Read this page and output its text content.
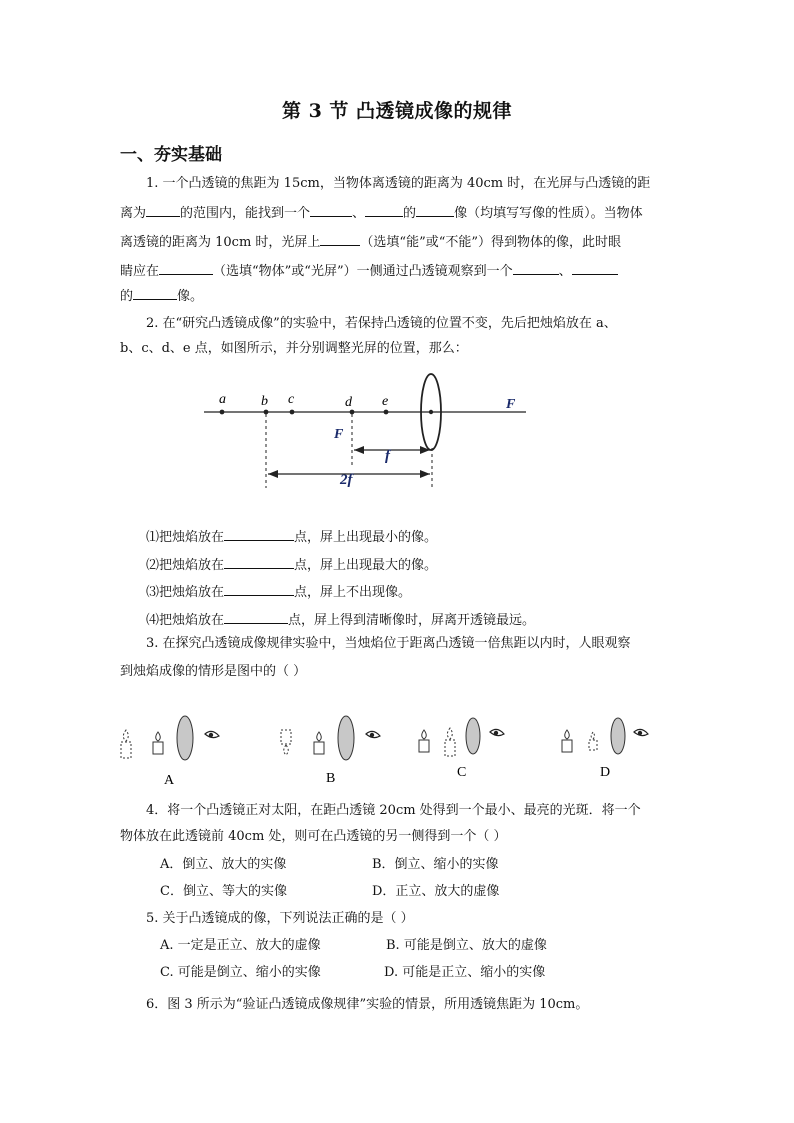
第 3 节 凸透镜成像的规律
一、夯实基础
1. 一个凸透镜的焦距为 15cm，当物体离透镜的距离为 40cm 时，在光屏与凸透镜的距
离为	的范围内，能找到一个	、	的	像（均填写写像的性质）。当物体
离透镜的距离为 10cm 时，光屏上	（选填“能”或“不能”）得到物体的像，此时眼
睛应在	（选填“物体”或“光屏”）一侧通过凸透镜观察到一个	、
的	像。
2. 在“研究凸透镜成像”的实验中，若保持凸透镜的位置不变，先后把烛焰放在 a、
b、c、d、e 点，如图所示，并分别调整光屏的位置，那么：
a	b c	d e	F
F
f
2f
⑴把烛焰放在	点，屏上出现最小的像。
⑵把烛焰放在	点，屏上出现最大的像。
⑶把烛焰放在	点，屏上不出现像。
⑷把烛焰放在	点，屏上得到清晰像时，屏离开透镜最远。
3. 在探究凸透镜成像规律实验中，当烛焰位于距离凸透镜一倍焦距以内时，人眼观察
到烛焰成像的情形是图中的（ ）
A	B	C	D
4．将一个凸透镜正对太阳，在距凸透镜 20cm 处得到一个最小、最亮的光斑．将一个
物体放在此透镜前 40cm 处，则可在凸透镜的另一侧得到一个（ ）
A．倒立、放大的实像	B．倒立、缩小的实像
C．倒立、等大的实像	D．正立、放大的虚像
5. 关于凸透镜成的像，下列说法正确的是（ ）
A. 一定是正立、放大的虚像	B. 可能是倒立、放大的虚像
C. 可能是倒立、缩小的实像	D. 可能是正立、缩小的实像
6．图 3 所示为“验证凸透镜成像规律”实验的情景，所用透镜焦距为 10cm。
